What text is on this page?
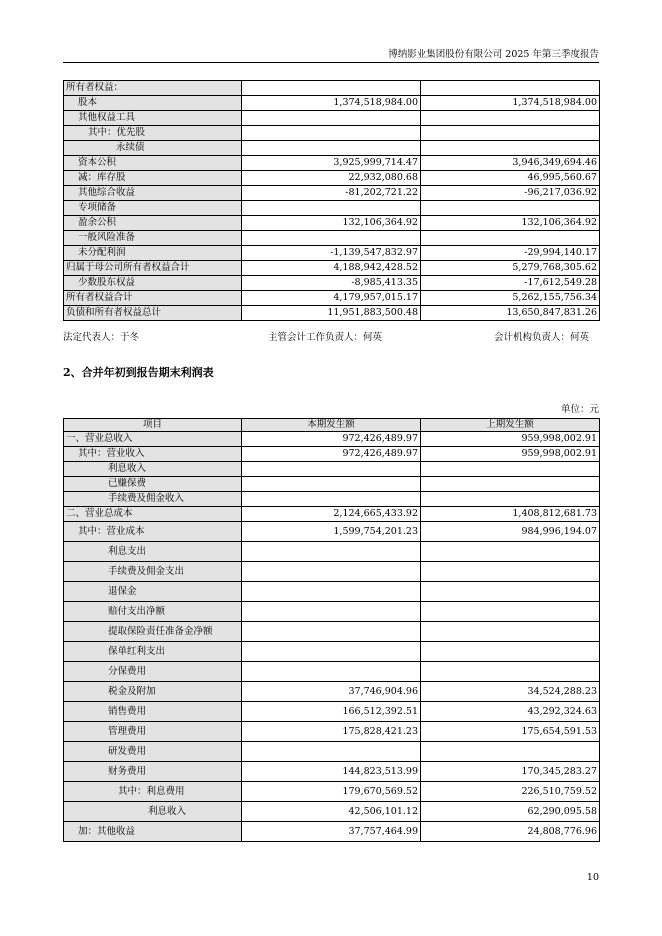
博纳影业集团股份有限公司 2025 年第三季度报告
所有者权益：		
股本	1,374,518,984.00	1,374,518,984.00
其他权益工具		
其中：优先股		
永续债		
资本公积	3,925,999,714.47	3,946,349,694.46
减：库存股	22,932,080.68	46,995,560.67
其他综合收益	-81,202,721.22	-96,217,036.92
专项储备		
盈余公积	132,106,364.92	132,106,364.92
一般风险准备		
未分配利润	-1,139,547,832.97	-29,994,140.17
归属于母公司所有者权益合计	4,188,942,428.52	5,279,768,305.62
少数股东权益	-8,985,413.35	-17,612,549.28
所有者权益合计	4,179,957,015.17	5,262,155,756.34
负债和所有者权益总计	11,951,883,500.48	13,650,847,831.26
法定代表人：于冬	主管会计工作负责人：何英	会计机构负责人：何英
2、合并年初到报告期末利润表
单位：元
项目	本期发生额	上期发生额
一、营业总收入	972,426,489.97	959,998,002.91
其中：营业收入	972,426,489.97	959,998,002.91
利息收入		
已赚保费		
手续费及佣金收入		
二、营业总成本	2,124,665,433.92	1,408,812,681.73
其中：营业成本	1,599,754,201.23	984,996,194.07
利息支出		
手续费及佣金支出		
退保金		
赔付支出净额		
提取保险责任准备金净额		
保单红利支出		
分保费用		
税金及附加	37,746,904.96	34,524,288.23
销售费用	166,512,392.51	43,292,324.63
管理费用	175,828,421.23	175,654,591.53
研发费用		
财务费用	144,823,513.99	170,345,283.27
其中：利息费用	179,670,569.52	226,510,759.52
利息收入	42,506,101.12	62,290,095.58
加：其他收益	37,757,464.99	24,808,776.96
10
